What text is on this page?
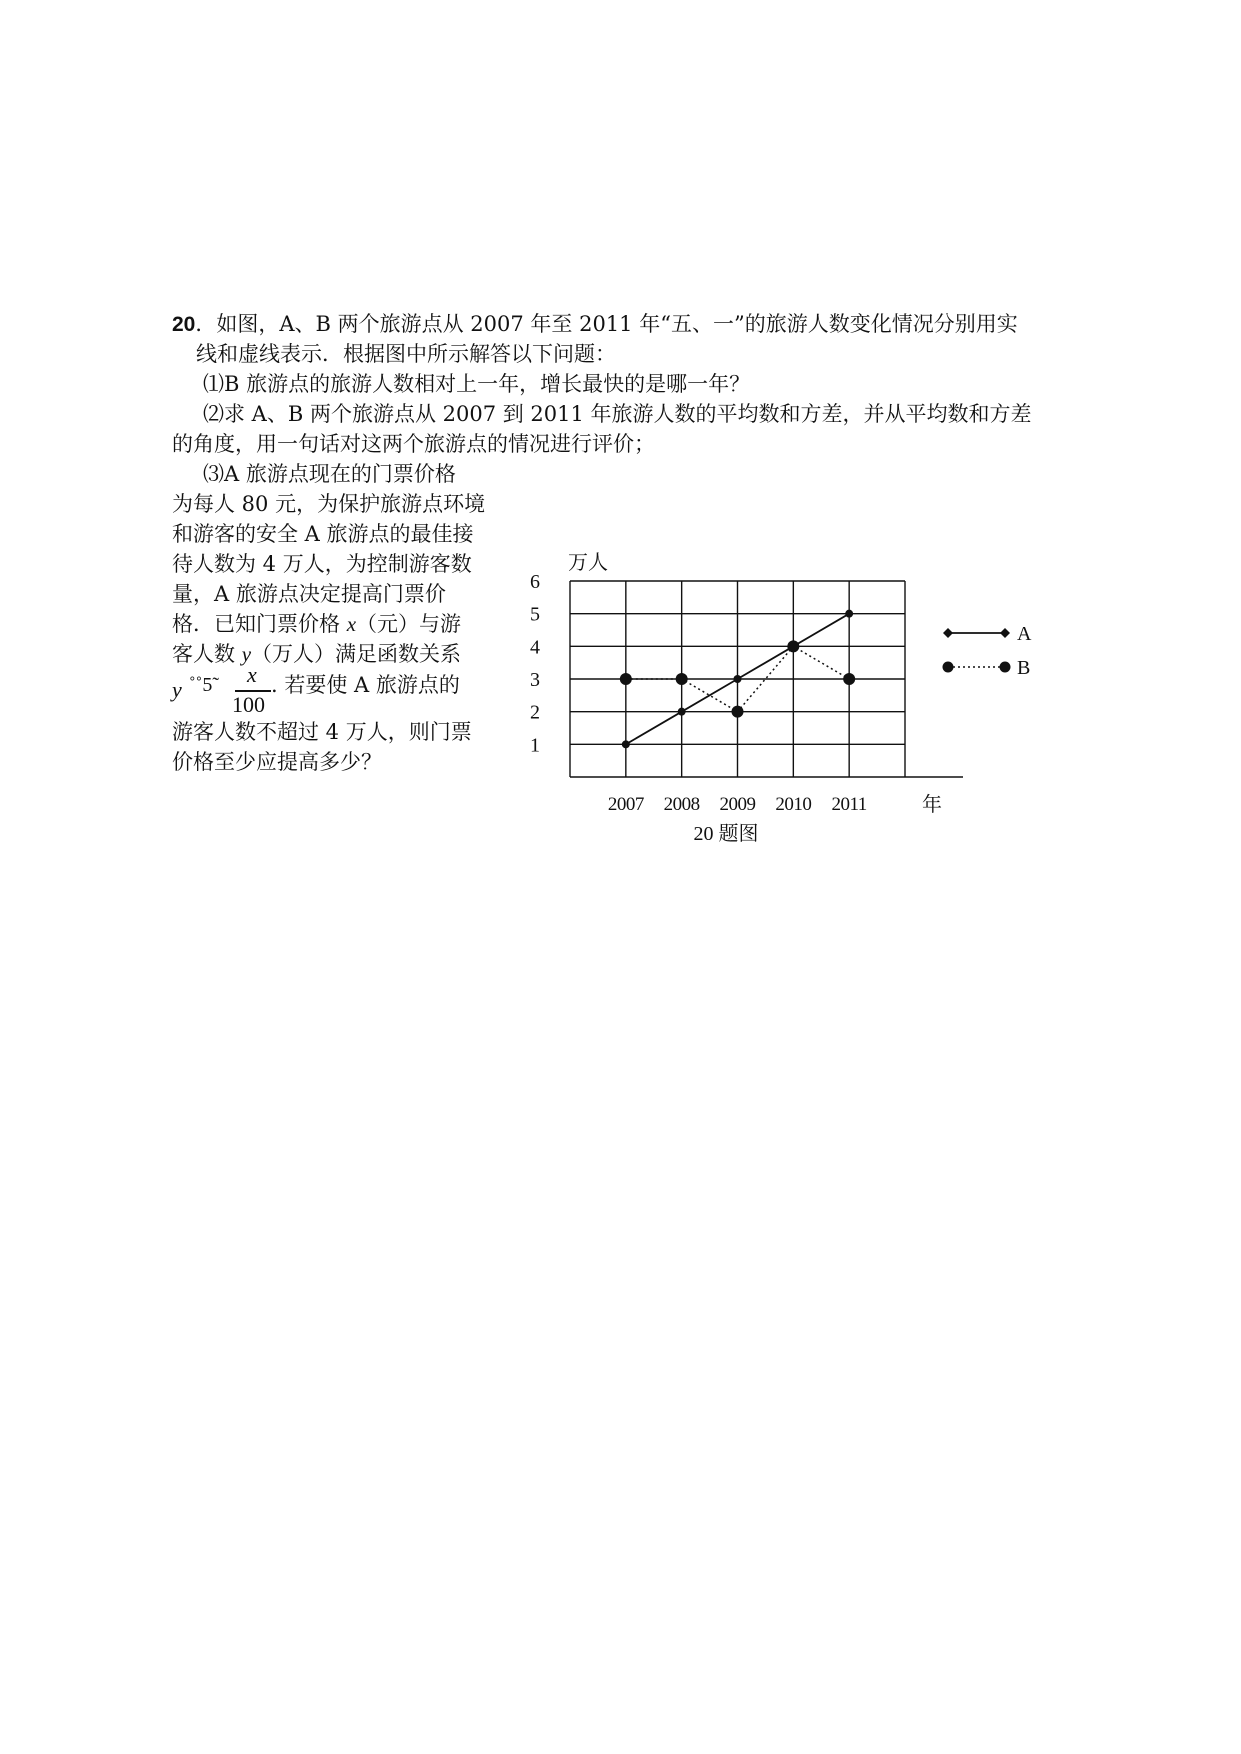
20．如图，A、B 两个旅游点从 2007 年至 2011 年“五、一”的旅游人数变化情况分别用实
线和虚线表示．根据图中所示解答以下问题：
⑴B 旅游点的旅游人数相对上一年，增长最快的是哪一年？
⑵求 A、B 两个旅游点从 2007 到 2011 年旅游人数的平均数和方差，并从平均数和方差
的角度，用一句话对这两个旅游点的情况进行评价；
⑶A 旅游点现在的门票价格
为每人 80 元，为保护旅游点环境
和游客的安全 A 旅游点的最佳接
待人数为 4 万人，为控制游客数
量，A 旅游点决定提高门票价
格．已知门票价格 x（元）与游
客人数 y（万人）满足函数关系
y ˚˚5̃ x
100
. 若要使 A 旅游点的
游客人数不超过 4 万人，则门票
价格至少应提高多少？
1
2
3
4
5
6
2007 2008 2009 2010 2011
万人
年
20 题图
A
B
